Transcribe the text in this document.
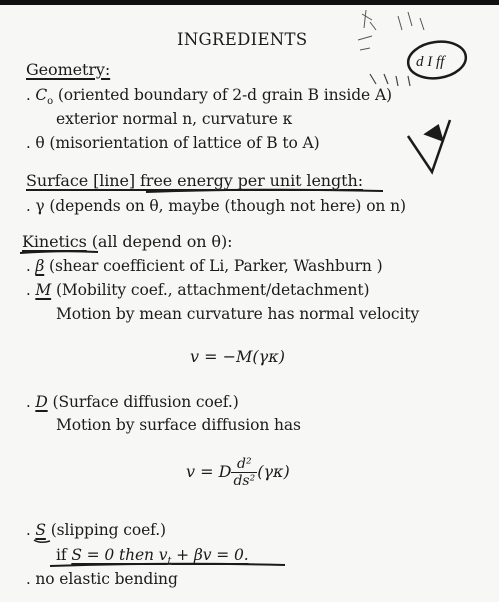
INGREDIENTS
Geometry:
. $C_o$ (oriented boundary of 2-d grain B inside A)
exterior normal n, curvature κ
. θ (misorientation of lattice of B to A)
Surface [line] free energy per unit length:
. γ (depends on θ, maybe (though not here) on n)
Kinetics (all depend on θ):
. β (shear coefficient of Li, Parker, Washburn )
. M (Mobility coef., attachment/detachment)
Motion by mean curvature has normal velocity
v = −M(γκ)
. D (Surface diffusion coef.)
Motion by surface diffusion has
v = D $\frac{\text{d²}}{\text{ds²}} (\gamma\kappa)$
. S (slipping coef.)
if S = 0 then $v_t + \beta v = 0$.
. no elastic bending
d I ff
